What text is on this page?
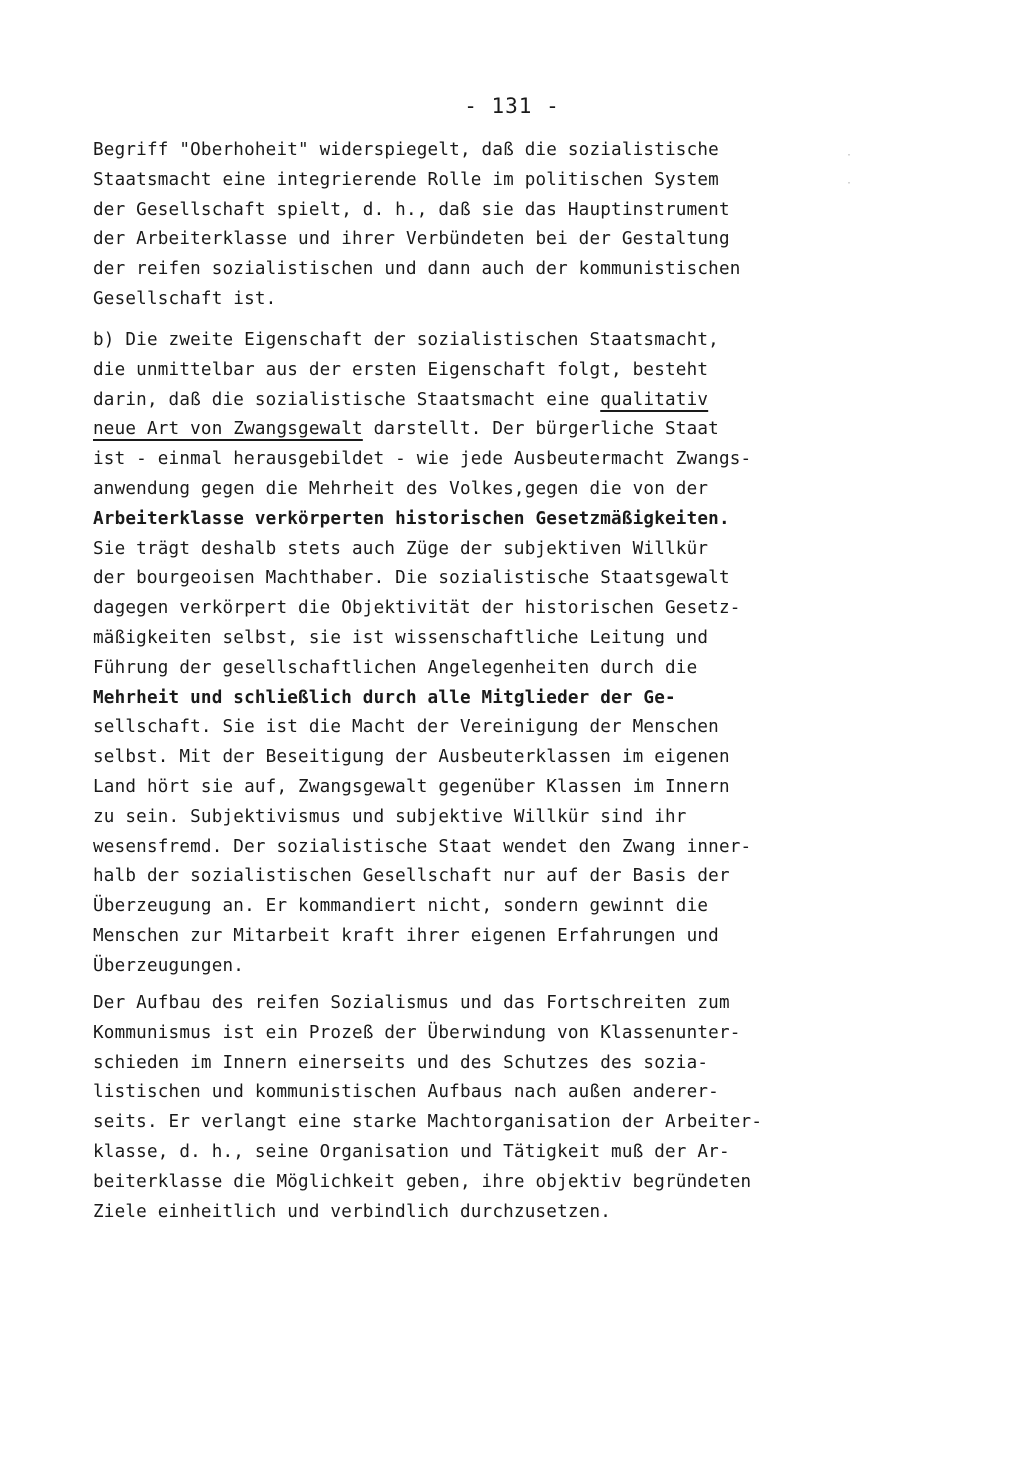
- 131 -
·
·
Begriff "Oberhoheit" widerspiegelt, daß die sozialistische
Staatsmacht eine integrierende Rolle im politischen System
der Gesellschaft spielt, d. h., daß sie das Hauptinstrument
der Arbeiterklasse und ihrer Verbündeten bei der Gestaltung
der reifen sozialistischen und dann auch der kommunistischen
Gesellschaft ist.
b) Die zweite Eigenschaft der sozialistischen Staatsmacht,
die unmittelbar aus der ersten Eigenschaft folgt, besteht
darin, daß die sozialistische Staatsmacht eine qualitativ
neue Art von Zwangsgewalt darstellt. Der bürgerliche Staat
ist - einmal herausgebildet - wie jede Ausbeutermacht Zwangs-
anwendung gegen die Mehrheit des Volkes,gegen die von der
Arbeiterklasse verkörperten historischen Gesetzmäßigkeiten.
Sie trägt deshalb stets auch Züge der subjektiven Willkür
der bourgeoisen Machthaber. Die sozialistische Staatsgewalt
dagegen verkörpert die Objektivität der historischen Gesetz-
mäßigkeiten selbst, sie ist wissenschaftliche Leitung und
Führung der gesellschaftlichen Angelegenheiten durch die
Mehrheit und schließlich durch alle Mitglieder der Ge-
sellschaft. Sie ist die Macht der Vereinigung der Menschen
selbst. Mit der Beseitigung der Ausbeuterklassen im eigenen
Land hört sie auf, Zwangsgewalt gegenüber Klassen im Innern
zu sein. Subjektivismus und subjektive Willkür sind ihr
wesensfremd. Der sozialistische Staat wendet den Zwang inner-
halb der sozialistischen Gesellschaft nur auf der Basis der
Überzeugung an. Er kommandiert nicht, sondern gewinnt die
Menschen zur Mitarbeit kraft ihrer eigenen Erfahrungen und
Überzeugungen.
Der Aufbau des reifen Sozialismus und das Fortschreiten zum
Kommunismus ist ein Prozeß der Überwindung von Klassenunter-
schieden im Innern einerseits und des Schutzes des sozia-
listischen und kommunistischen Aufbaus nach außen anderer-
seits. Er verlangt eine starke Machtorganisation der Arbeiter-
klasse, d. h., seine Organisation und Tätigkeit muß der Ar-
beiterklasse die Möglichkeit geben, ihre objektiv begründeten
Ziele einheitlich und verbindlich durchzusetzen.
